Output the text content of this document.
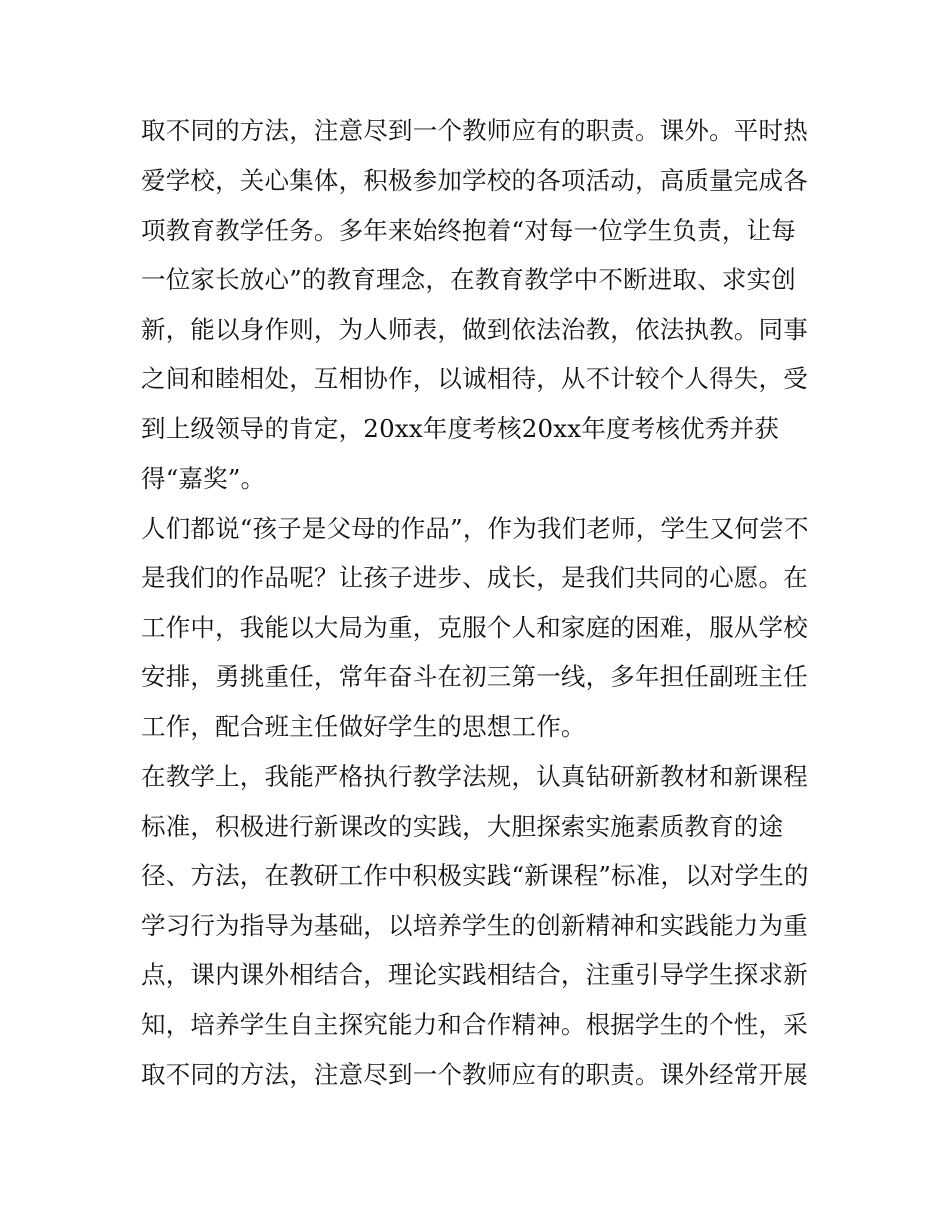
取不同的方法，注意尽到一个教师应有的职责。课外。平时热
爱学校，关心集体，积极参加学校的各项活动，高质量完成各
项教育教学任务。多年来始终抱着“对每一位学生负责，让每
一位家长放心”的教育理念，在教育教学中不断进取、求实创
新，能以身作则，为人师表，做到依法治教，依法执教。同事
之间和睦相处，互相协作，以诚相待，从不计较个人得失，受
到上级领导的肯定，20xx年度考核20xx年度考核优秀并获
得“嘉奖”。
人们都说“孩子是父母的作品”，作为我们老师，学生又何尝不
是我们的作品呢？让孩子进步、成长，是我们共同的心愿。在
工作中，我能以大局为重，克服个人和家庭的困难，服从学校
安排，勇挑重任，常年奋斗在初三第一线，多年担任副班主任
工作，配合班主任做好学生的思想工作。
在教学上，我能严格执行教学法规，认真钻研新教材和新课程
标准，积极进行新课改的实践，大胆探索实施素质教育的途
径、方法，在教研工作中积极实践“新课程”标准，以对学生的
学习行为指导为基础，以培养学生的创新精神和实践能力为重
点，课内课外相结合，理论实践相结合，注重引导学生探求新
知，培养学生自主探究能力和合作精神。根据学生的个性，采
取不同的方法，注意尽到一个教师应有的职责。课外经常开展
